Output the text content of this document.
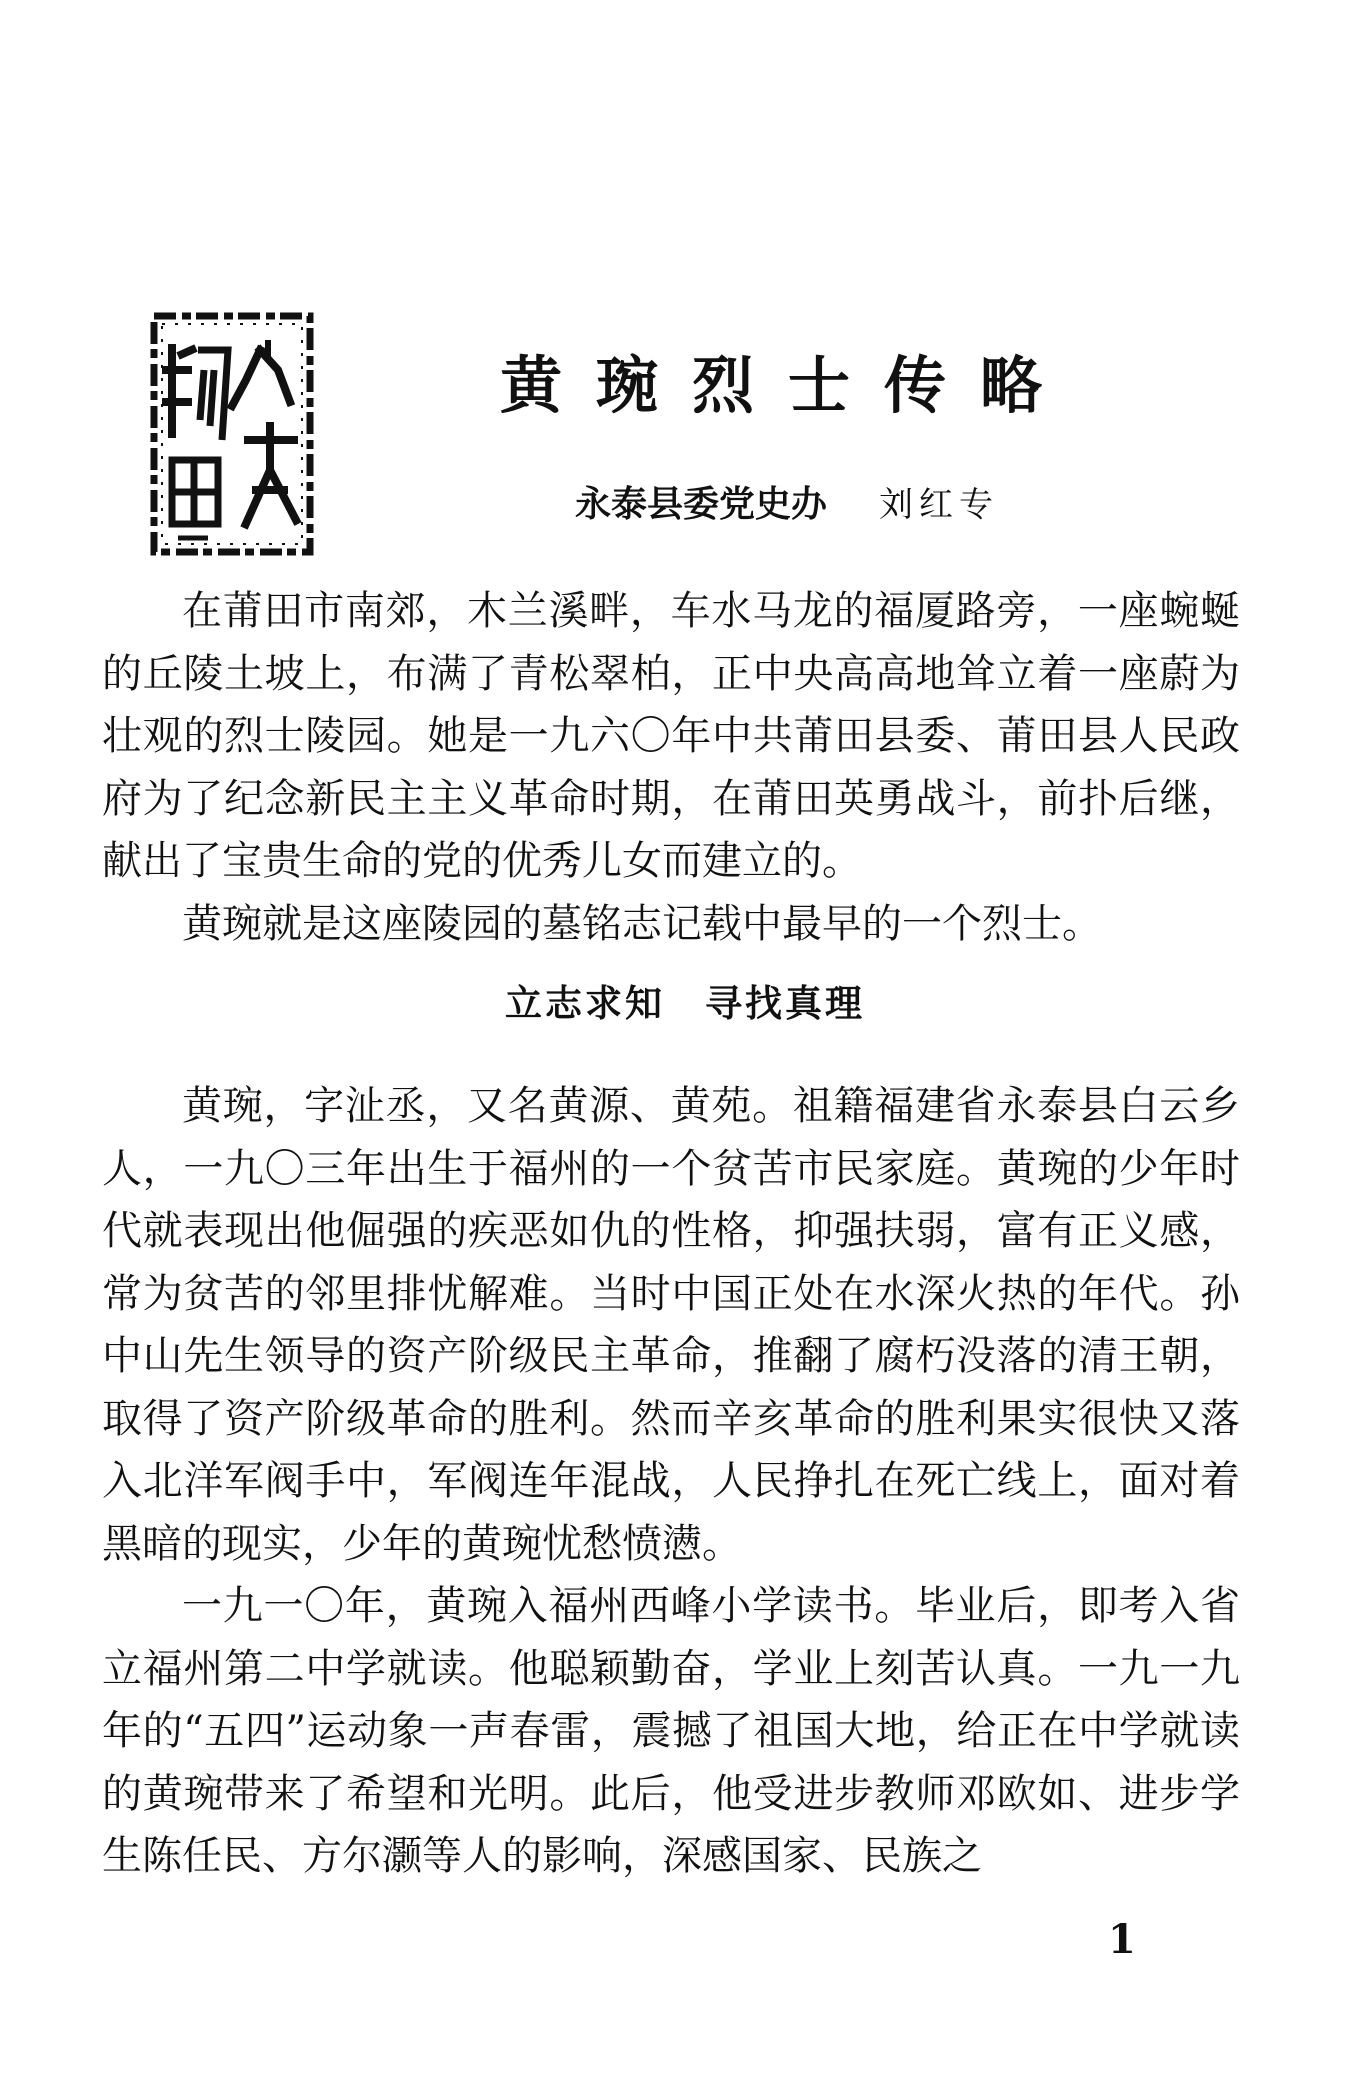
黄琬烈士传略
永泰县委党史办 刘红专

在莆田市南郊，木兰溪畔，车水马龙的福厦路旁，一座蜿蜒的丘陵土坡上，布满了青松翠柏，正中央高高地耸立着一座蔚为壮观的烈士陵园。她是一九六〇年中共莆田县委、莆田县人民政府为了纪念新民主主义革命时期，在莆田英勇战斗，前扑后继，献出了宝贵生命的党的优秀儿女而建立的。

黄琬就是这座陵园的墓铭志记载中最早的一个烈士。

立志求知　寻找真理

黄琬，字沚丞，又名黄源、黄苑。祖籍福建省永泰县白云乡人，一九〇三年出生于福州的一个贫苦市民家庭。黄琬的少年时代就表现出他倔强的疾恶如仇的性格，抑强扶弱，富有正义感，常为贫苦的邻里排忧解难。当时中国正处在水深火热的年代。孙中山先生领导的资产阶级民主革命，推翻了腐朽没落的清王朝，取得了资产阶级革命的胜利。然而辛亥革命的胜利果实很快又落入北洋军阀手中，军阀连年混战，人民挣扎在死亡线上，面对着黑暗的现实，少年的黄琬忧愁愤懑。

一九一〇年，黄琬入福州西峰小学读书。毕业后，即考入省立福州第二中学就读。他聪颖勤奋，学业上刻苦认真。一九一九年的“五四”运动象一声春雷，震撼了祖国大地，给正在中学就读的黄琬带来了希望和光明。此后，他受进步教师邓欧如、进步学生陈任民、方尔灏等人的影响，深感国家、民族之

1
